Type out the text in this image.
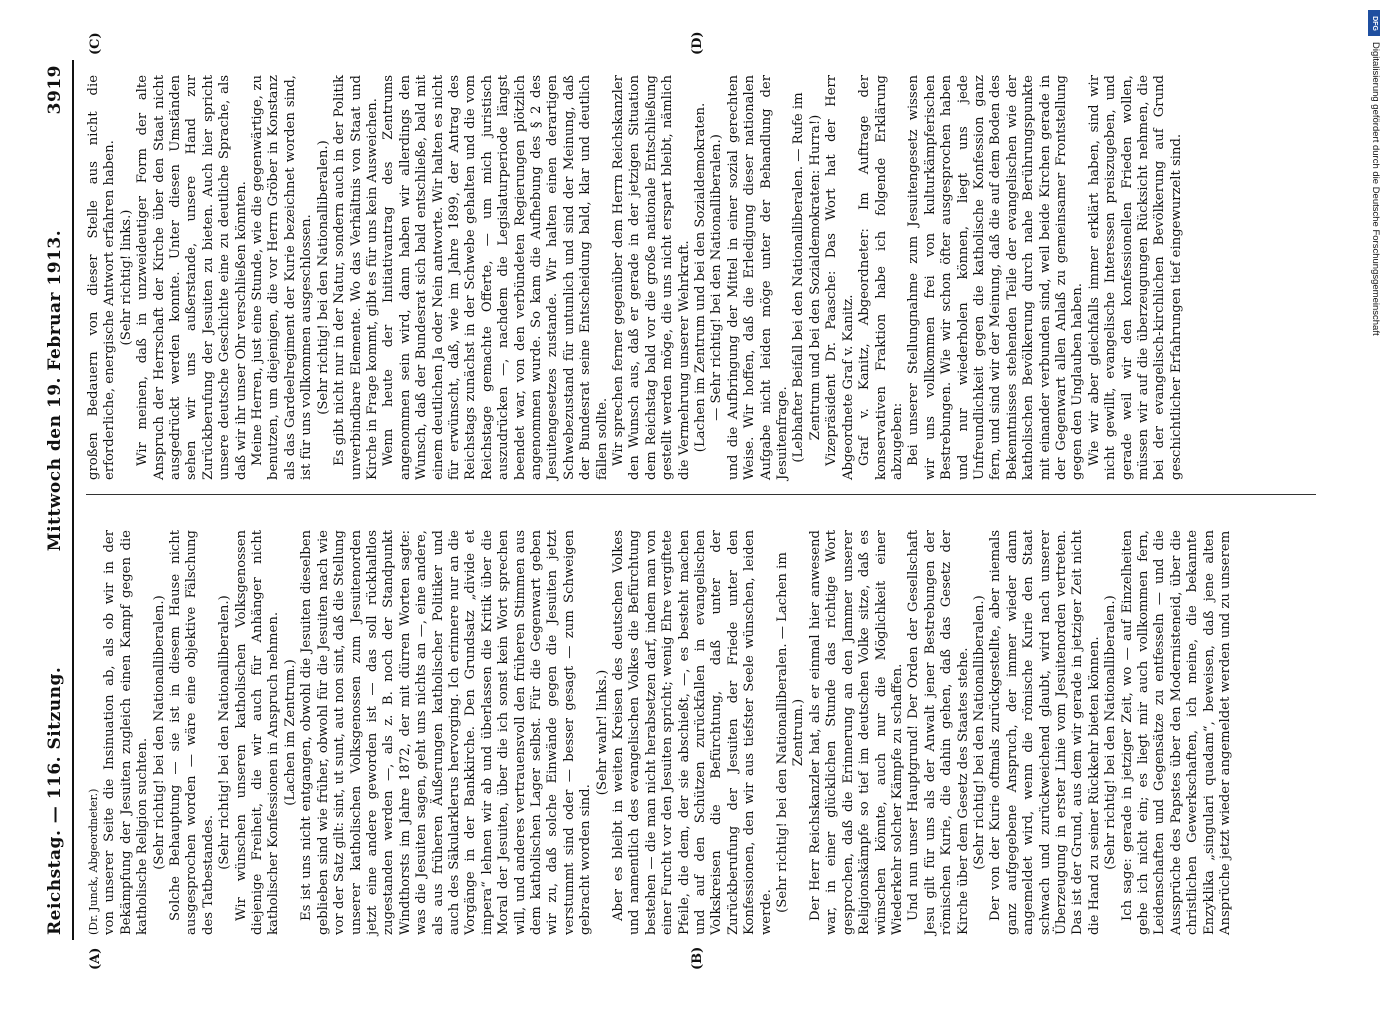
Reichstag. — 116. Sitzung.
Mittwoch den 19. Februar 1913.
3919
(A)	(B)
(C)	(D)

(Dr. Junck, Abgeordneter.) von unserer Seite die Insinuation ab, als ob wir in der Bekämpfung der Jesuiten zugleich einen Kampf gegen die katholische Religion suchten. (Sehr richtig! bei den Nationalliberalen.) Solche Behauptung — sie ist in diesem Hause nicht ausgesprochen worden — wäre eine objektive Fälschung des Tatbestandes.

(Sehr richtig! bei den Nationalliberalen.) Wir wünschen unseren katholischen Volksgenossen diejenige Freiheit, die wir auch für Anhänger nicht katholischer Konfessionen in Anspruch nehmen. (Lachen im Zentrum.) Es ist uns nicht entgangen, obwohl die Jesuiten dieselben geblieben sind wie früher, obwohl für die Jesuiten nach wie vor der Satz gilt: sint, ut sunt, aut non sint, daß die Stellung unserer katholischen Volksgenossen zum Jesuitenorden jetzt eine andere geworden ist — das soll rückhaltlos zugestanden werden —, als z. B. noch der Standpunkt Windthorsts im Jahre 1872, der mit dürren Worten sagte: was die Jesuiten sagen, geht uns nichts an —, eine andere, als aus früheren Äußerungen katholischer Politiker und auch des Säkularklerus hervorging. Ich erinnere nur an die Vorgänge in der Bankkirche. Den Grundsatz „divide et impera“ lehnen wir ab und überlassen die Kritik über die Moral der Jesuiten, über die ich sonst kein Wort sprechen will, und anderes vertrauensvoll den früheren Stimmen aus dem katholischen Lager selbst. Für die Gegenwart geben wir zu, daß solche Einwände gegen die Jesuiten jetzt verstummt sind oder — besser gesagt — zum Schweigen gebracht worden sind.

(Sehr wahr! links.) Aber es bleibt in weiten Kreisen des deutschen Volkes und namentlich des evangelischen Volkes die Befürchtung bestehen — die man nicht herabsetzen darf, indem man von einer Furcht vor den Jesuiten spricht; wenig Ehre vergiftete Pfeile, die dem, der sie abschießt, —, es besteht machen und auf den Schützen zurückfallen in evangelischen Volkskreisen die Befürchtung, daß unter der Zurückberufung der Jesuiten der Friede unter den Konfessionen, den wir aus tiefster Seele wünschen, leiden werde. (Sehr richtig! bei den Nationalliberalen. — Lachen im Zentrum.) Der Herr Reichskanzler hat, als er einmal hier anwesend war, in einer glücklichen Stunde das richtige Wort gesprochen, daß die Erinnerung an den Jammer unserer Religionskämpfe so tief im deutschen Volke sitze, daß es wünschen könnte, auch nur die Möglichkeit einer Wiederkehr solcher Kämpfe zu schaffen. Und nun unser Hauptgrund! Der Orden der Gesellschaft Jesu gilt für uns als der Anwalt jener Bestrebungen der römischen Kurie, die dahin gehen, daß das Gesetz der Kirche über dem Gesetz des Staates stehe. (Sehr richtig! bei den Nationalliberalen.) Der von der Kurie oftmals zurückgestellte, aber niemals ganz aufgegebene Anspruch, der immer wieder dann angemeldet wird, wenn die römische Kurie den Staat schwach und zurückweichend glaubt, wird nach unserer Überzeugung in erster Linie vom Jesuitenorden vertreten. Das ist der Grund, aus dem wir gerade in jetziger Zeit nicht die Hand zu seiner Rückkehr bieten können. (Sehr richtig! bei den Nationalliberalen.) Ich sage: gerade in jetziger Zeit, wo — auf Einzelheiten gehe ich nicht ein; es liegt mir auch vollkommen fern, Leidenschaften und Gegensätze zu entfesseln — und die Aussprüche des Papstes über den Modernisteneid, über die christlichen Gewerkschaften, ich meine, die bekannte Enzyklika „singulari quadam“, beweisen, daß jene alten Ansprüche jetzt wieder angemeldet werden und zu unserem

großen Bedauern von dieser Stelle aus nicht die erforderliche, energische Antwort erfahren haben. (Sehr richtig! links.) Wir meinen, daß in unzweideutiger Form der alte Anspruch der Herrschaft der Kirche über den Staat nicht ausgedrückt werden konnte. Unter diesen Umständen sehen wir uns außerstande, unsere Hand zur Zurückberufung der Jesuiten zu bieten. Auch hier spricht unsere deutsche Geschichte eine zu deutliche Sprache, als daß wir ihr unser Ohr verschließen könnten. Meine Herren, just eine Stunde, wie die gegenwärtige, zu benutzen, um diejenigen, die vor Herrn Gröber in Konstanz als das Gardeelregiment der Kurie bezeichnet worden sind, ist für uns vollkommen ausgeschlossen. (Sehr richtig! bei den Nationalliberalen.) Es gibt nicht nur in der Natur, sondern auch in der Politik unverbindbare Elemente. Wo das Verhältnis von Staat und Kirche in Frage kommt, gibt es für uns kein Ausweichen. Wenn heute der Initiativantrag des Zentrums angenommen sein wird, dann haben wir allerdings den Wunsch, daß der Bundesrat sich bald entschließe, bald mit einem deutlichen Ja oder Nein antworte. Wir halten es nicht für erwünscht, daß, wie im Jahre 1899, der Antrag des Reichstags zunächst in der Schwebe gehalten und die vom Reichstage gemachte Offerte, — um mich juristisch auszudrücken —, nachdem die Legislaturperiode längst beendet war, von den verbündeten Regierungen plötzlich angenommen wurde. So kam die Aufhebung des § 2 des Jesuitengesetzes zustande. Wir halten einen derartigen Schwebezustand für untunlich und sind der Meinung, daß der Bundesrat seine Entscheidung bald, klar und deutlich fällen sollte. Wir sprechen ferner gegenüber dem Herrn Reichskanzler den Wunsch aus, daß er gerade in der jetzigen Situation dem Reichstag bald vor die große nationale Entschließung gestellt werden möge, die uns nicht erspart bleibt, nämlich die Vermehrung unserer Wehrkraft. (Lachen im Zentrum und bei den Sozialdemokraten. — Sehr richtig! bei den Nationalliberalen.) und die Aufbringung der Mittel in einer sozial gerechten Weise. Wir hoffen, daß die Erledigung dieser nationalen Aufgabe nicht leiden möge unter der Behandlung der Jesuitenfrage. (Lebhafter Beifall bei den Nationalliberalen. — Rufe im Zentrum und bei den Sozialdemokraten: Hurra!) Vizepräsident Dr. Paasche: Das Wort hat der Herr Abgeordnete Graf v. Kanitz. Graf v. Kanitz, Abgeordneter: Im Auftrage der konservativen Fraktion habe ich folgende Erklärung abzugeben: Bei unserer Stellungnahme zum Jesuitengesetz wissen wir uns vollkommen frei von kulturkämpferischen Bestrebungen. Wie wir schon öfter ausgesprochen haben und nur wiederholen können, liegt uns jede Unfreundlichkeit gegen die katholische Konfession ganz fern, und sind wir der Meinung, daß die auf dem Boden des Bekenntnisses stehenden Teile der evangelischen wie der katholischen Bevölkerung durch nahe Berührungspunkte mit einander verbunden sind, weil beide Kirchen gerade in der Gegenwart allen Anlaß zu gemeinsamer Frontstellung gegen den Unglauben haben. Wie wir aber gleichfalls immer erklärt haben, sind wir nicht gewillt, evangelische Interessen preiszugeben, und gerade weil wir den konfessionellen Frieden wollen, müssen wir auf die überzeugungen Rücksicht nehmen, die bei der evangelisch-kirchlichen Bevölkerung auf Grund geschichtlicher Erfahrungen tief eingewurzelt sind.

DFG
Digitalisierung gefördert durch die Deutsche Forschungsgemeinschaft
